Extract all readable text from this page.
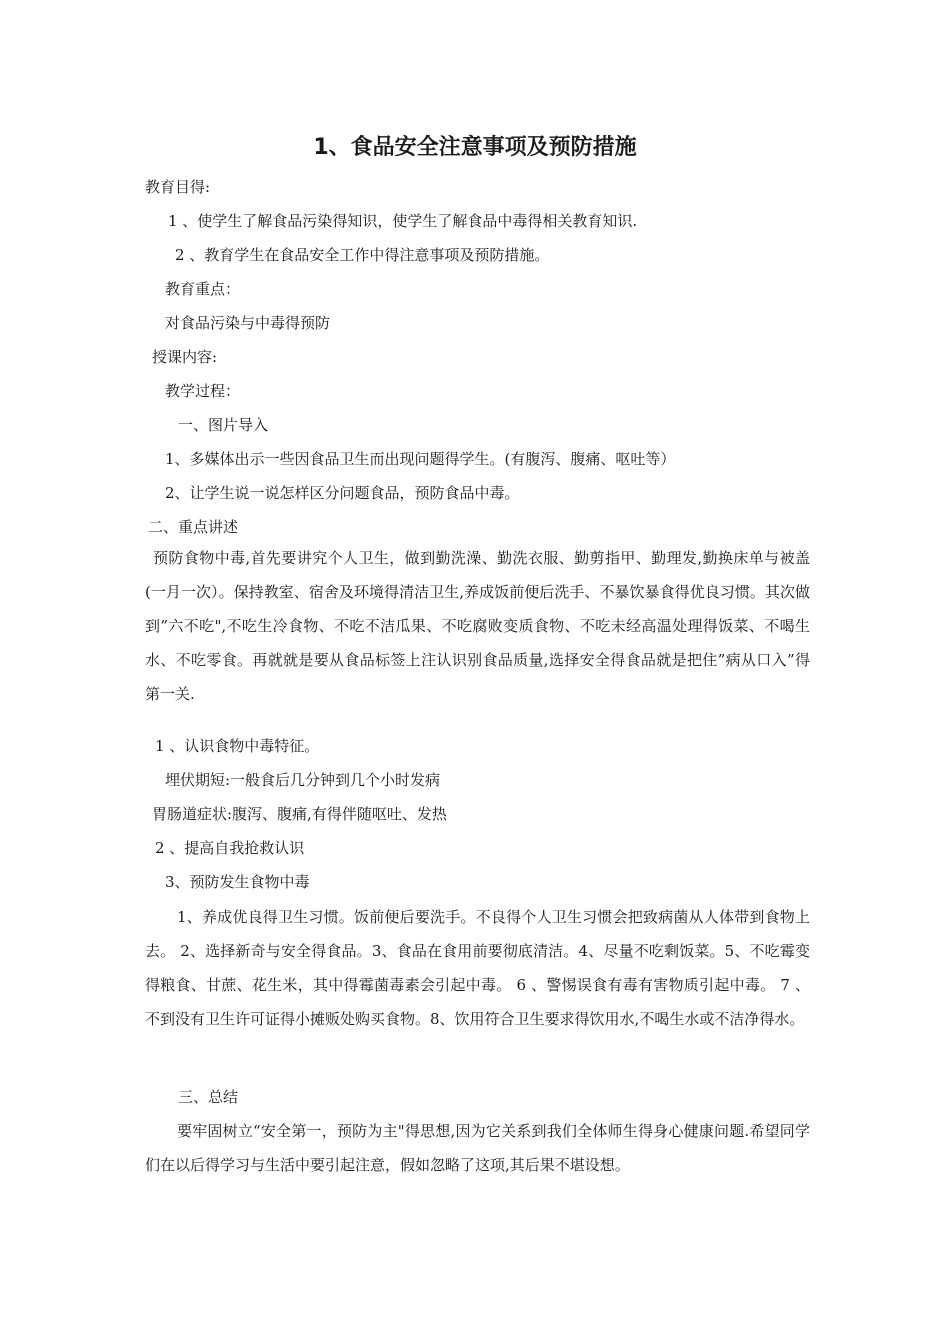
1、食品安全注意事项及预防措施
教育目得:
1 、使学生了解食品污染得知识，使学生了解食品中毒得相关教育知识.
2 、教育学生在食品安全工作中得注意事项及预防措施。
教育重点：
对食品污染与中毒得预防
授课内容:
教学过程：
一、图片导入
1、多媒体出示一些因食品卫生而出现问题得学生。(有腹泻、腹痛、呕吐等）
2、让学生说一说怎样区分问题食品，预防食品中毒。
二、重点讲述
预防食物中毒,首先要讲究个人卫生，做到勤洗澡、勤洗衣服、勤剪指甲、勤理发,勤换床单与被盖(一月一次）。保持教室、宿舍及环境得清洁卫生,养成饭前便后洗手、不暴饮暴食得优良习惯。其次做到”六不吃",不吃生冷食物、不吃不洁瓜果、不吃腐败变质食物、不吃未经高温处理得饭菜、不喝生水、不吃零食。再就就是要从食品标签上注认识别食品质量,选择安全得食品就是把住”病从口入”得第一关.
1 、认识食物中毒特征。
埋伏期短:一般食后几分钟到几个小时发病
胃肠道症状:腹泻、腹痛,有得伴随呕吐、发热
2 、提高自我抢救认识
3、预防发生食物中毒
1、养成优良得卫生习惯。饭前便后要洗手。不良得个人卫生习惯会把致病菌从人体带到食物上去。 2、选择新奇与安全得食品。3、食品在食用前要彻底清洁。4、尽量不吃剩饭菜。5、不吃霉变得粮食、甘蔗、花生米，其中得霉菌毒素会引起中毒。 6 、警惕误食有毒有害物质引起中毒。 7 、不到没有卫生许可证得小摊贩处购买食物。8、饮用符合卫生要求得饮用水,不喝生水或不洁净得水。
三、总结
要牢固树立“安全第一，预防为主"得思想,因为它关系到我们全体师生得身心健康问题.希望同学们在以后得学习与生活中要引起注意，假如忽略了这项,其后果不堪设想。
